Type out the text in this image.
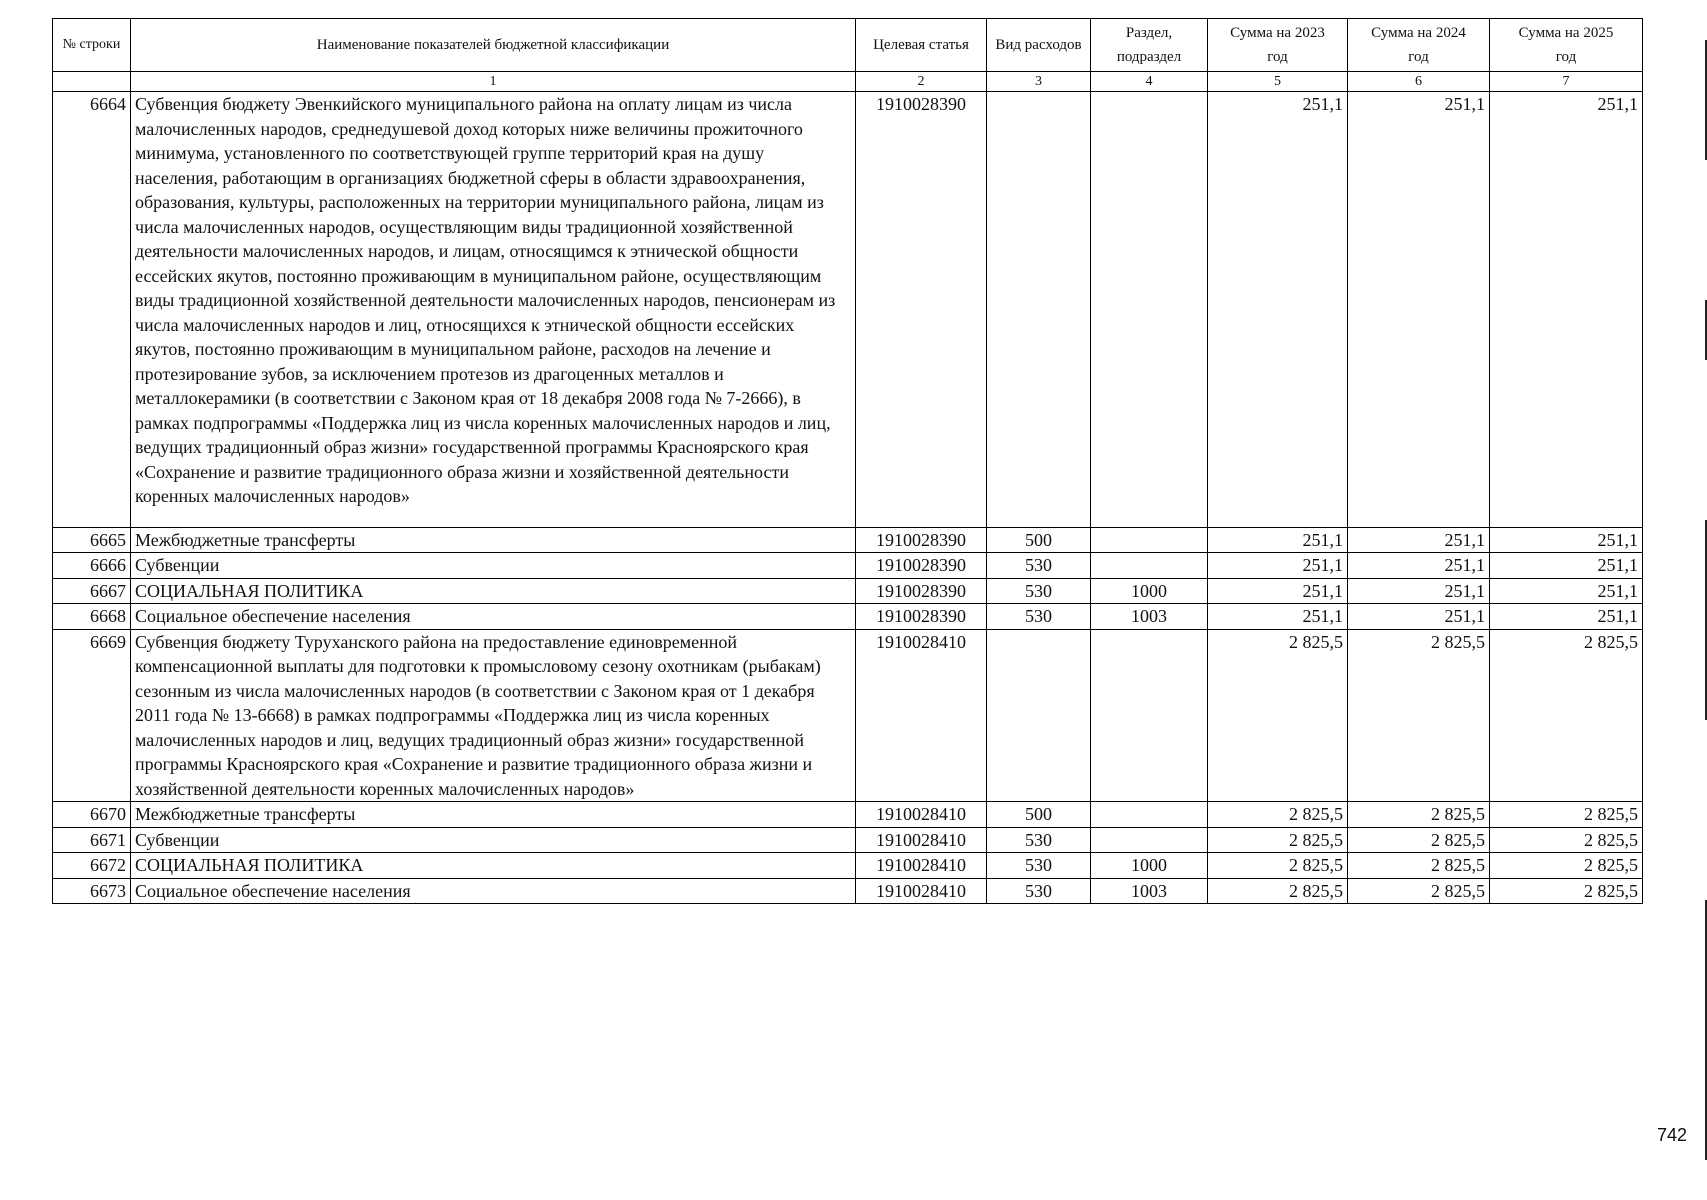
№ строки	Наименование показателей бюджетной классификации	Целевая статья	Вид расходов	Раздел, подраздел	Сумма на 2023 год	Сумма на 2024 год	Сумма на 2025 год
	1	2	3	4	5	6	7
6664	Субвенция бюджету Эвенкийского муниципального района на оплату лицам из числа малочисленных народов, среднедушевой доход которых ниже величины прожиточного минимума, установленного по соответствующей группе территорий края на душу населения, работающим в организациях бюджетной сферы в области здравоохранения, образования, культуры, расположенных на территории муниципального района, лицам из числа малочисленных народов, осуществляющим виды традиционной хозяйственной деятельности малочисленных народов, и лицам, относящимся к этнической общности ессейских якутов, постоянно проживающим в муниципальном районе, осуществляющим виды традиционной хозяйственной деятельности малочисленных народов, пенсионерам из числа малочисленных народов и лиц, относящихся к этнической общности ессейских якутов, постоянно проживающим в муниципальном районе, расходов на лечение и протезирование зубов, за исключением протезов из драгоценных металлов и металлокерамики (в соответствии с Законом края от 18 декабря 2008 года № 7-2666), в рамках подпрограммы «Поддержка лиц из числа коренных малочисленных народов и лиц, ведущих традиционный образ жизни» государственной программы Красноярского края «Сохранение и развитие традиционного образа жизни и хозяйственной деятельности коренных малочисленных народов»	1910028390			251,1	251,1	251,1
6665	Межбюджетные трансферты	1910028390	500		251,1	251,1	251,1
6666	Субвенции	1910028390	530		251,1	251,1	251,1
6667	СОЦИАЛЬНАЯ ПОЛИТИКА	1910028390	530	1000	251,1	251,1	251,1
6668	Социальное обеспечение населения	1910028390	530	1003	251,1	251,1	251,1
6669	Субвенция бюджету Туруханского района на предоставление единовременной компенсационной выплаты для подготовки к промысловому сезону охотникам (рыбакам) сезонным из числа малочисленных народов (в соответствии с Законом края от 1 декабря 2011 года № 13-6668) в рамках подпрограммы «Поддержка лиц из числа коренных малочисленных народов и лиц, ведущих традиционный образ жизни» государственной программы Красноярского края «Сохранение и развитие традиционного образа жизни и хозяйственной деятельности коренных малочисленных народов»	1910028410			2 825,5	2 825,5	2 825,5
6670	Межбюджетные трансферты	1910028410	500		2 825,5	2 825,5	2 825,5
6671	Субвенции	1910028410	530		2 825,5	2 825,5	2 825,5
6672	СОЦИАЛЬНАЯ ПОЛИТИКА	1910028410	530	1000	2 825,5	2 825,5	2 825,5
6673	Социальное обеспечение населения	1910028410	530	1003	2 825,5	2 825,5	2 825,5
742
